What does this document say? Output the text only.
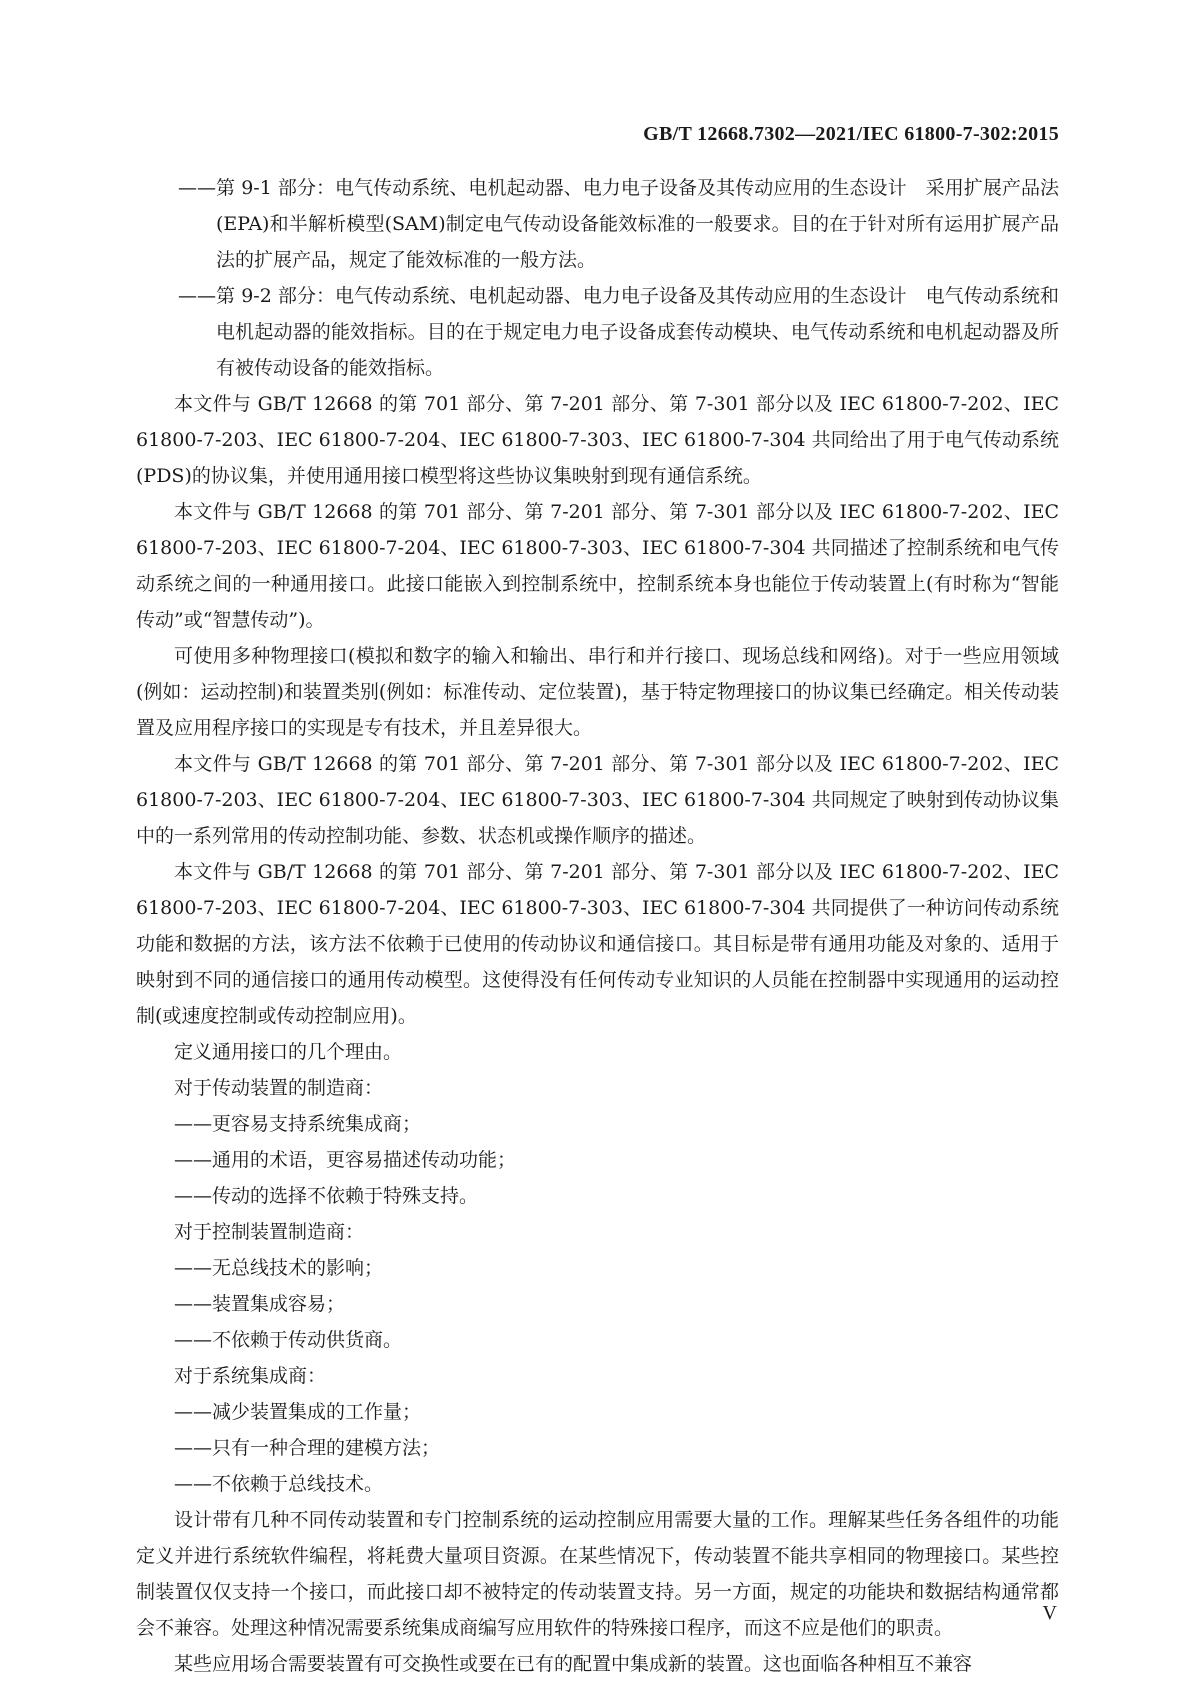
GB/T 12668.7302—2021/IEC 61800-7-302:2015

——第 9-1 部分：电气传动系统、电机起动器、电力电子设备及其传动应用的生态设计　采用扩展产品法(EPA)和半解析模型(SAM)制定电气传动设备能效标准的一般要求。目的在于针对所有运用扩展产品法的扩展产品，规定了能效标准的一般方法。

——第 9-2 部分：电气传动系统、电机起动器、电力电子设备及其传动应用的生态设计　电气传动系统和电机起动器的能效指标。目的在于规定电力电子设备成套传动模块、电气传动系统和电机起动器及所有被传动设备的能效指标。

本文件与 GB/T 12668 的第 701 部分、第 7-201 部分、第 7-301 部分以及 IEC 61800-7-202、IEC 61800-7-203、IEC 61800-7-204、IEC 61800-7-303、IEC 61800-7-304 共同给出了用于电气传动系统(PDS)的协议集，并使用通用接口模型将这些协议集映射到现有通信系统。

本文件与 GB/T 12668 的第 701 部分、第 7-201 部分、第 7-301 部分以及 IEC 61800-7-202、IEC 61800-7-203、IEC 61800-7-204、IEC 61800-7-303、IEC 61800-7-304 共同描述了控制系统和电气传动系统之间的一种通用接口。此接口能嵌入到控制系统中，控制系统本身也能位于传动装置上(有时称为“智能传动”或“智慧传动”)。

可使用多种物理接口(模拟和数字的输入和输出、串行和并行接口、现场总线和网络)。对于一些应用领域(例如：运动控制)和装置类别(例如：标准传动、定位装置)，基于特定物理接口的协议集已经确定。相关传动装置及应用程序接口的实现是专有技术，并且差异很大。

本文件与 GB/T 12668 的第 701 部分、第 7-201 部分、第 7-301 部分以及 IEC 61800-7-202、IEC 61800-7-203、IEC 61800-7-204、IEC 61800-7-303、IEC 61800-7-304 共同规定了映射到传动协议集中的一系列常用的传动控制功能、参数、状态机或操作顺序的描述。

本文件与 GB/T 12668 的第 701 部分、第 7-201 部分、第 7-301 部分以及 IEC 61800-7-202、IEC 61800-7-203、IEC 61800-7-204、IEC 61800-7-303、IEC 61800-7-304 共同提供了一种访问传动系统功能和数据的方法，该方法不依赖于已使用的传动协议和通信接口。其目标是带有通用功能及对象的、适用于映射到不同的通信接口的通用传动模型。这使得没有任何传动专业知识的人员能在控制器中实现通用的运动控制(或速度控制或传动控制应用)。

定义通用接口的几个理由。

对于传动装置的制造商：

——更容易支持系统集成商；

——通用的术语，更容易描述传动功能；

——传动的选择不依赖于特殊支持。

对于控制装置制造商：

——无总线技术的影响；

——装置集成容易；

——不依赖于传动供货商。

对于系统集成商：

——减少装置集成的工作量；

——只有一种合理的建模方法；

——不依赖于总线技术。

设计带有几种不同传动装置和专门控制系统的运动控制应用需要大量的工作。理解某些任务各组件的功能定义并进行系统软件编程，将耗费大量项目资源。在某些情况下，传动装置不能共享相同的物理接口。某些控制装置仅仅支持一个接口，而此接口却不被特定的传动装置支持。另一方面，规定的功能块和数据结构通常都会不兼容。处理这种情况需要系统集成商编写应用软件的特殊接口程序，而这不应是他们的职责。

某些应用场合需要装置有可交换性或要在已有的配置中集成新的装置。这也面临各种相互不兼容

V
